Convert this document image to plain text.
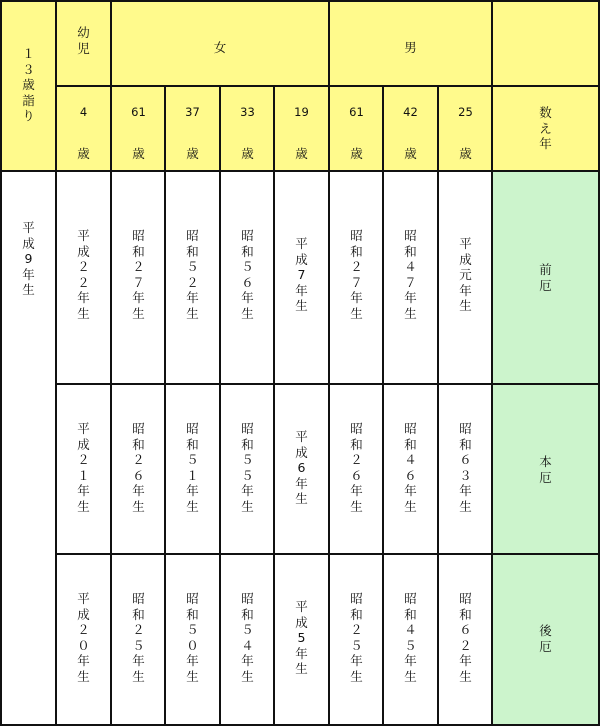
１
３
歳
詣
り
幼
児	女	男
数
え
年
4
歳
61
歳
37
歳
33
歳
19
歳
61
歳
42
歳
25
歳
平
成
9
年
生
平
成
２
２
年
生
昭
和
２
７
年
生
昭
和
５
２
年
生
昭
和
５
６
年
生
平
成
7
年
生
昭
和
２
７
年
生
昭
和
４
７
年
生
平
成
元
年
生
平
成
２
１
年
生
昭
和
２
６
年
生
昭
和
５
１
年
生
昭
和
５
５
年
生
平
成
6
年
生
昭
和
２
６
年
生
昭
和
４
６
年
生
昭
和
６
３
年
生
平
成
２
０
年
生
昭
和
２
５
年
生
昭
和
５
０
年
生
昭
和
５
４
年
生
平
成
5
年
生
昭
和
２
５
年
生
昭
和
４
５
年
生
昭
和
６
２
年
生
前
厄
本
厄
後
厄
